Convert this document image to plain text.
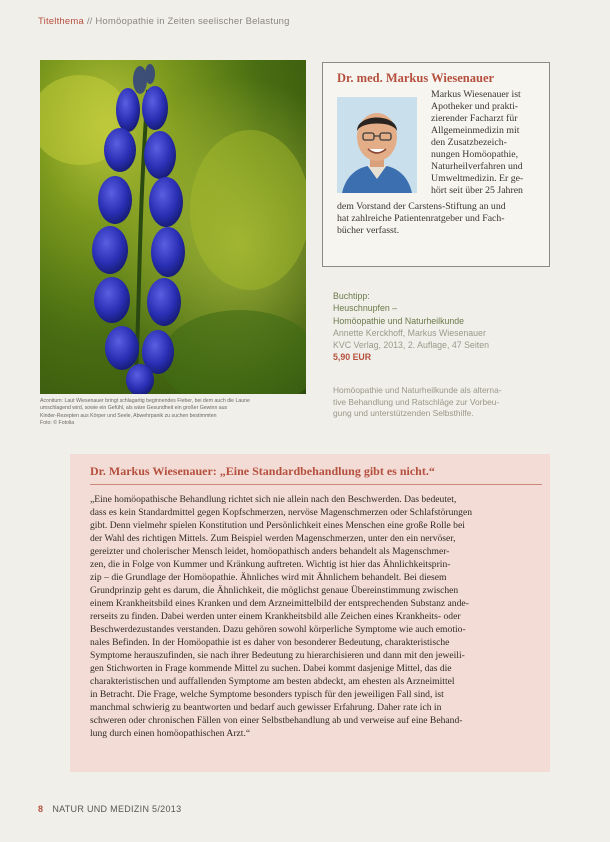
Titelthema // Homöopathie in Zeiten seelischer Belastung
Aconitum: Laut Wiesenauer bringt schlagartig beginnendes Fieber, bei dem auch die Laune
umschlagend wird, sowie ein Gefühl, als wäre Gesundheit ein großer Gewinn aus
Kinder-Rezepten aus Körper und Seele, Abwehrpanik zu suchen bestimmten
Foto: © Fotolia
Dr. med. Markus Wiesenauer
Markus Wiesenauer ist
Apotheker und prakti-
zierender Facharzt für
Allgemeinmedizin mit
den Zusatzbezeich-
nungen Homöopathie,
Naturheilverfahren und
Umweltmedizin. Er ge-
hört seit über 25 Jahren
dem Vorstand der Carstens-Stiftung an und
hat zahlreiche Patientenratgeber und Fach-
bücher verfasst.
Buchtipp:
Heuschnupfen –
Homöopathie und Naturheilkunde
Annette Kerckhoff, Markus Wiesenauer
KVC Verlag, 2013, 2. Auflage, 47 Seiten
5,90 EUR
Homöopathie und Naturheilkunde als alterna-
tive Behandlung und Ratschläge zur Vorbeu-
gung und unterstützenden Selbsthilfe.
Dr. Markus Wiesenauer: „Eine Standardbehandlung gibt es nicht.“
„Eine homöopathische Behandlung richtet sich nie allein nach den Beschwerden. Das bedeutet,
dass es kein Standardmittel gegen Kopfschmerzen, nervöse Magenschmerzen oder Schlafstörungen
gibt. Denn vielmehr spielen Konstitution und Persönlichkeit eines Menschen eine große Rolle bei
der Wahl des richtigen Mittels. Zum Beispiel werden Magenschmerzen, unter den ein nervöser,
gereizter und cholerischer Mensch leidet, homöopathisch anders behandelt als Magenschmer-
zen, die in Folge von Kummer und Kränkung auftreten. Wichtig ist hier das Ähnlichkeitsprin-
zip – die Grundlage der Homöopathie. Ähnliches wird mit Ähnlichem behandelt. Bei diesem
Grundprinzip geht es darum, die Ähnlichkeit, die möglichst genaue Übereinstimmung zwischen
einem Krankheitsbild eines Kranken und dem Arzneimittelbild der entsprechenden Substanz ande-
rerseits zu finden. Dabei werden unter einem Krankheitsbild alle Zeichen eines Krankheits- oder
Beschwerdezustandes verstanden. Dazu gehören sowohl körperliche Symptome wie auch emotio-
nales Befinden. In der Homöopathie ist es daher von besonderer Bedeutung, charakteristische
Symptome herauszufinden, sie nach ihrer Bedeutung zu hierarchisieren und dann mit den jeweili-
gen Stichworten in Frage kommende Mittel zu suchen. Dabei kommt dasjenige Mittel, das die
charakteristischen und auffallenden Symptome am besten abdeckt, am ehesten als Arzneimittel
in Betracht. Die Frage, welche Symptome besonders typisch für den jeweiligen Fall sind, ist
manchmal schwierig zu beantworten und bedarf auch gewisser Erfahrung. Daher rate ich in
schweren oder chronischen Fällen von einer Selbstbehandlung ab und verweise auf eine Behand-
lung durch einen homöopathischen Arzt.“
8 NATUR UND MEDIZIN 5/2013
